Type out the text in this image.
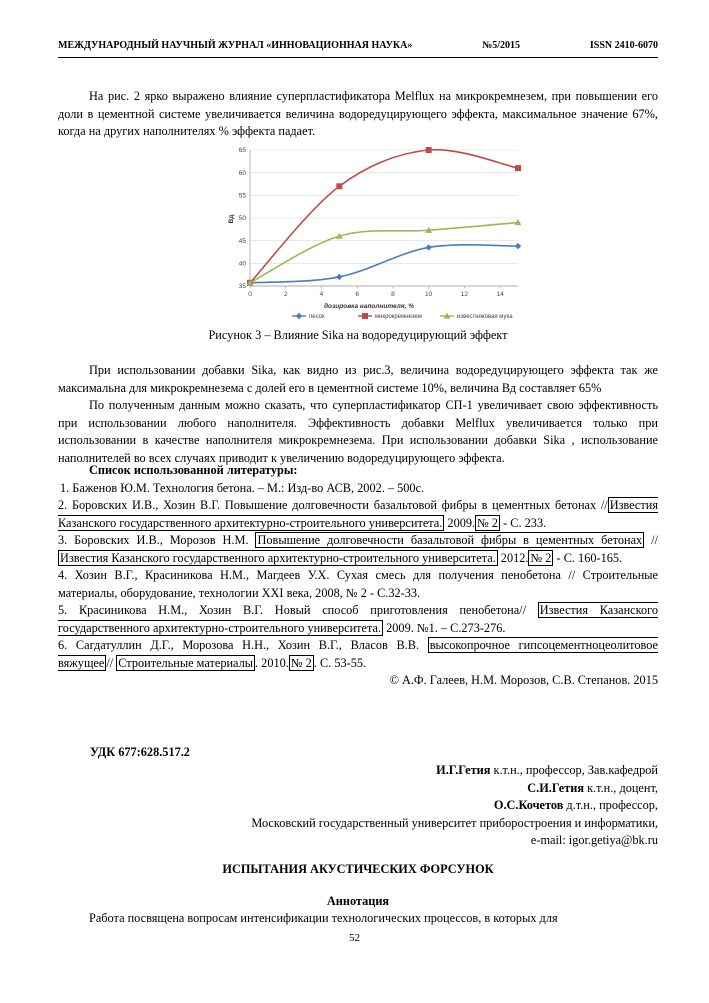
МЕЖДУНАРОДНЫЙ НАУЧНЫЙ ЖУРНАЛ «ИННОВАЦИОННАЯ НАУКА»	№5/2015	ISSN 2410-6070
На рис. 2 ярко выражено влияние суперпластификатора Melflux на микрокремнезем, при повышении его доли в цементной системе увеличивается величина водоредуцирующего эффекта, максимальное значение 67%, когда на других наполнителях % эффекта падает.
35
40
45
50
55
60
65
0	2	4	6	8	10	12	14
песок	микрокремнезем	известняковая мука
дозировка наполнителя, %
Вд
Рисунок 3 – Влияние Sika на водоредуцирующий эффект
При использовании добавки Sika, как видно из рис.3, величина водоредуцирующего эффекта так же максимальна для микрокремнезема с долей его в цементной системе 10%, величина Вд составляет 65%
По полученным данным можно сказать, что суперпластификатор СП-1 увеличивает свою эффективность при использовании любого наполнителя. Эффективность добавки Melflux увеличивается только при использовании в качестве наполнителя микрокремнезема. При использовании добавки Sika , использование наполнителей во всех случаях приводит к увеличению водоредуцирующего эффекта.
Список использованной литературы:
1. Баженов Ю.М. Технология бетона. – М.: Изд-во АСВ, 2002. – 500с.
2. Боровских И.В., Хозин В.Г. Повышение долговечности базальтовой фибры в цементных бетонах // Известия Казанского государственного архитектурно-строительного университета. 2009. № 2 - С. 233.
3. Боровских И.В., Морозов Н.М. Повышение долговечности базальтовой фибры в цементных бетонах //Известия Казанского государственного архитектурно-строительного университета. 2012. № 2 - С. 160-165.
4. Хозин В.Г., Красиникова Н.М., Магдеев У.Х. Сухая смесь для получения пенобетона // Строительные материалы, оборудование, технологии XXI века, 2008, № 2 - С.32-33.
5. Красиникова Н.М., Хозин В.Г. Новый способ приготовления пенобетона// Известия Казанского государственного архитектурно-строительного университета. 2009. №1. – С.273-276.
6. Сагдатуллин Д.Г., Морозова Н.Н., Хозин В.Г., Власов В.В. высокопрочное гипсоцементноцеолитовое вяжущее // Строительные материалы . 2010. № 2 . С. 53-55.
© А.Ф. Галеев, Н.М. Морозов, С.В. Степанов. 2015
УДК 677:628.517.2
И.Г.Гетия к.т.н., профессор, Зав.кафедрой
С.И.Гетия к.т.н., доцент,
О.С.Кочетов д.т.н., профессор,
Московский государственный университет приборостроения и информатики,
e-mail: igor.getiya@bk.ru
ИСПЫТАНИЯ АКУСТИЧЕСКИХ ФОРСУНОК
Аннотация
Работа посвящена вопросам интенсификации технологических процессов, в которых для
52
